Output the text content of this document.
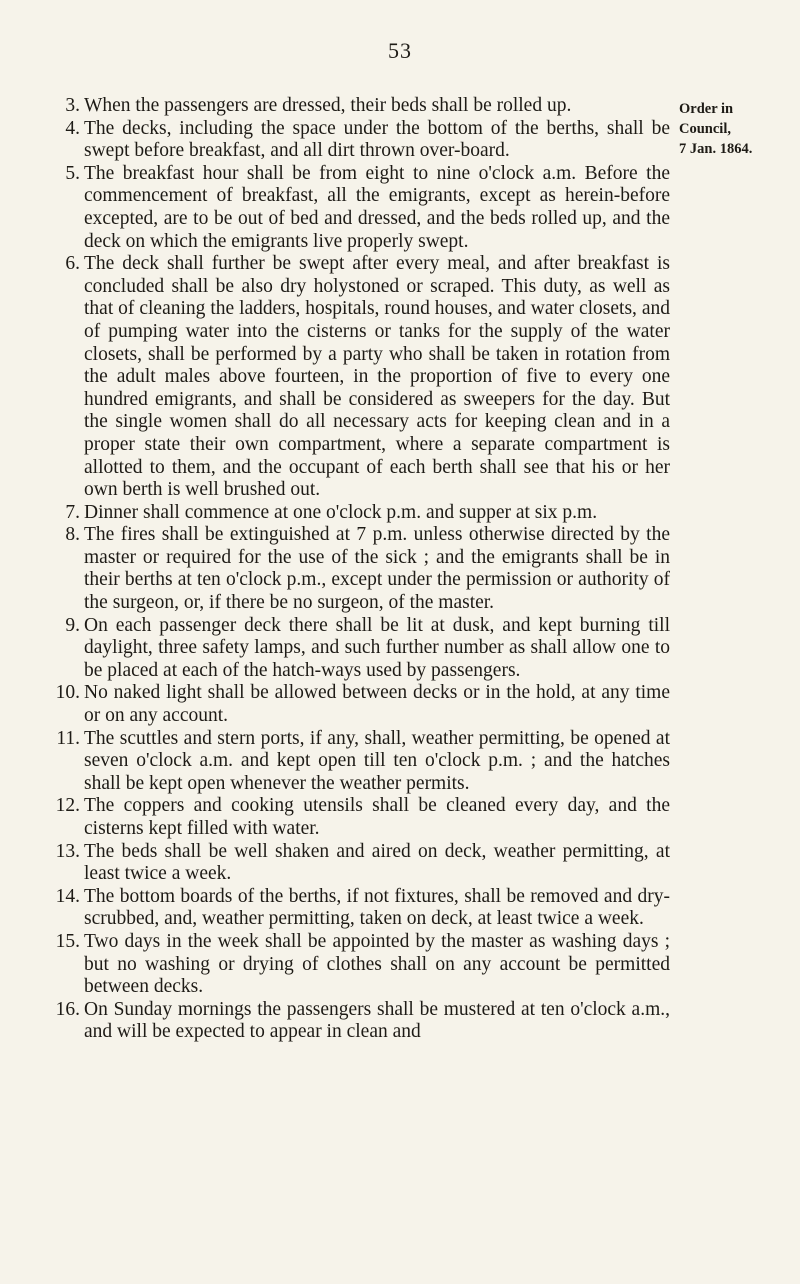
53
Order in
Council,
7 Jan. 1864.
3. When the passengers are dressed, their beds shall be rolled up.
4. The decks, including the space under the bottom of the berths, shall be swept before breakfast, and all dirt thrown over-board.
5. The breakfast hour shall be from eight to nine o'clock a.m. Before the commencement of breakfast, all the emigrants, except as herein-before excepted, are to be out of bed and dressed, and the beds rolled up, and the deck on which the emigrants live properly swept.
6. The deck shall further be swept after every meal, and after breakfast is concluded shall be also dry holystoned or scraped. This duty, as well as that of cleaning the ladders, hospitals, round houses, and water closets, and of pumping water into the cisterns or tanks for the supply of the water closets, shall be performed by a party who shall be taken in rotation from the adult males above fourteen, in the proportion of five to every one hundred emigrants, and shall be considered as sweepers for the day. But the single women shall do all necessary acts for keeping clean and in a proper state their own compartment, where a separate compartment is allotted to them, and the occupant of each berth shall see that his or her own berth is well brushed out.
7. Dinner shall commence at one o'clock p.m. and supper at six p.m.
8. The fires shall be extinguished at 7 p.m. unless otherwise directed by the master or required for the use of the sick ; and the emigrants shall be in their berths at ten o'clock p.m., except under the permission or authority of the surgeon, or, if there be no surgeon, of the master.
9. On each passenger deck there shall be lit at dusk, and kept burning till daylight, three safety lamps, and such further number as shall allow one to be placed at each of the hatch-ways used by passengers.
10. No naked light shall be allowed between decks or in the hold, at any time or on any account.
11. The scuttles and stern ports, if any, shall, weather permitting, be opened at seven o'clock a.m. and kept open till ten o'clock p.m. ; and the hatches shall be kept open whenever the weather permits.
12. The coppers and cooking utensils shall be cleaned every day, and the cisterns kept filled with water.
13. The beds shall be well shaken and aired on deck, weather permitting, at least twice a week.
14. The bottom boards of the berths, if not fixtures, shall be removed and dry-scrubbed, and, weather permitting, taken on deck, at least twice a week.
15. Two days in the week shall be appointed by the master as washing days ; but no washing or drying of clothes shall on any account be permitted between decks.
16. On Sunday mornings the passengers shall be mustered at ten o'clock a.m., and will be expected to appear in clean and
